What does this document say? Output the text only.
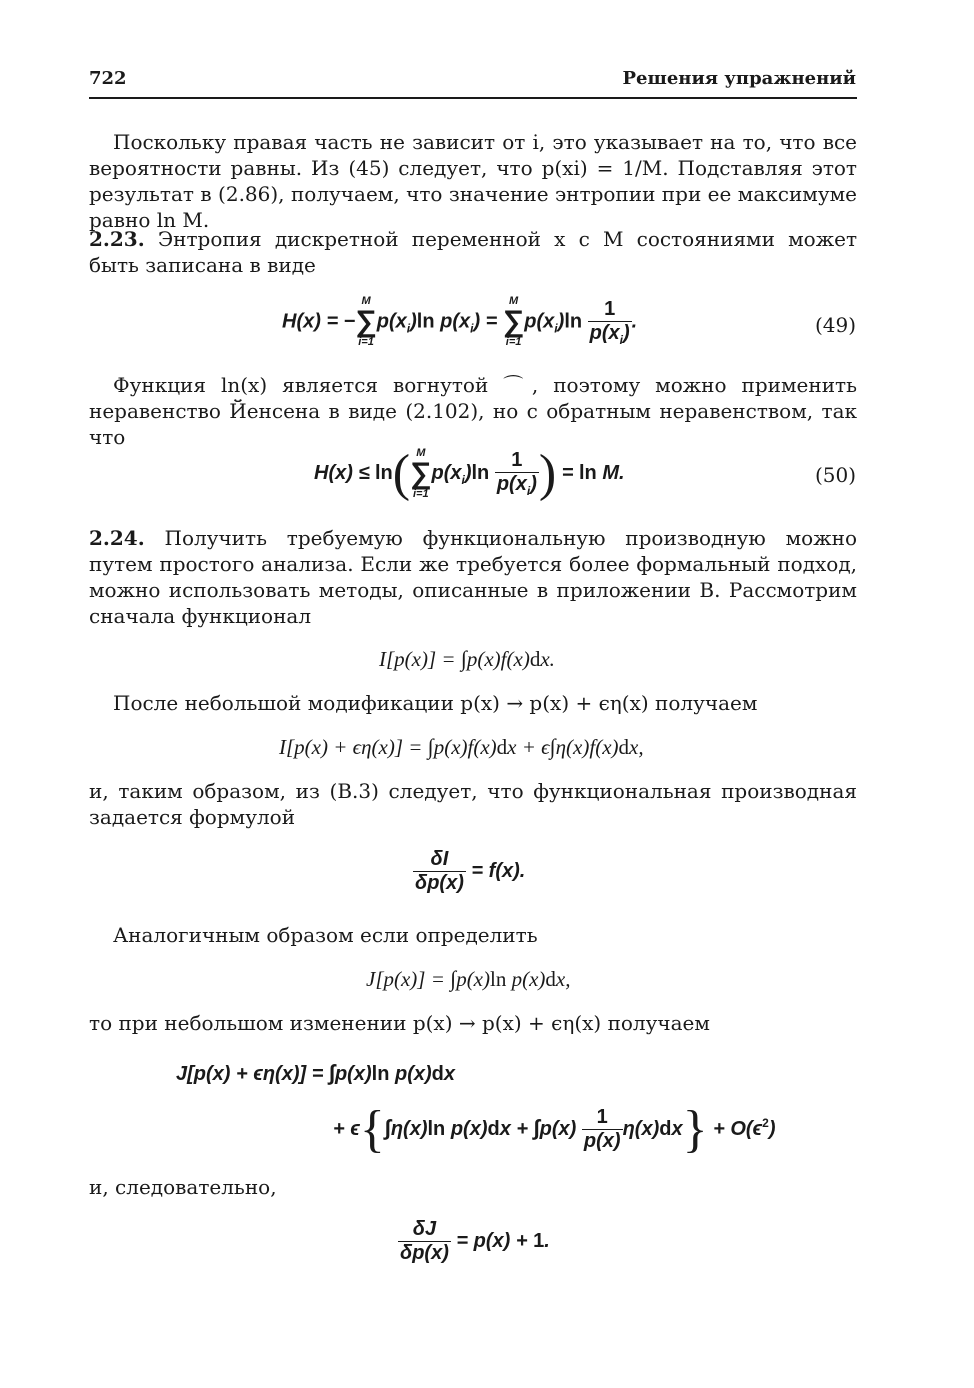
722	Решения упражнений
Поскольку правая часть не зависит от i, это указывает на то, что все вероятности равны. Из (45) следует, что p(xi) = 1/M. Подставляя этот результат в (2.86), получаем, что значение энтропии при ее максимуме равно ln M.
2.23. Энтропия дискретной переменной x с M состояниями может быть записана в виде
H(x) = −
M
∑
i=1
$p(x_i)\ln$ $p(x_i)$ =
M
∑
i=1
$p(x_i)\ln \frac{1}{p(x_i)}$ .	(49)
Функция ln(x) является вогнутой ⌒, поэтому можно применить неравенство Йенсена в виде (2.102), но с обратным неравенством, так что
H(x) ≤ ln( M
∑
i=1
$p(x_i)\ln \frac{1}{p(x_i)}$ ) = ln M.	(50)
2.24. Получить требуемую функциональную производную можно путем простого анализа. Если же требуется более формальный подход, можно использовать методы, описанные в приложении B. Рассмотрим сначала функционал
I[p(x)] = ∫p(x)f(x)dx.
После небольшой модификации p(x) → p(x) + ϵη(x) получаем
I[p(x) + ϵη(x)] = ∫p(x)f(x)dx + ϵ∫η(x)f(x)dx,
и, таким образом, из (B.3) следует, что функциональная производная задается формулой
$\frac{\delta I}{\delta p(x)} = f(x)$.
Аналогичным образом если определить
J[p(x)] = ∫p(x)ln p(x)dx,
то при небольшом изменении p(x) → p(x) + ϵη(x) получаем
J[p(x) + ϵη(x)] = ∫p(x)ln p(x)dx
+ ϵ{∫η(x)ln $p(x)dx + \int p(x) \frac{1}{p(x)} \eta(x)dx\} + O(\epsilon^2)$
и, следовательно,
$\frac{\delta J}{\delta p(x)} = p(x) + 1$.
